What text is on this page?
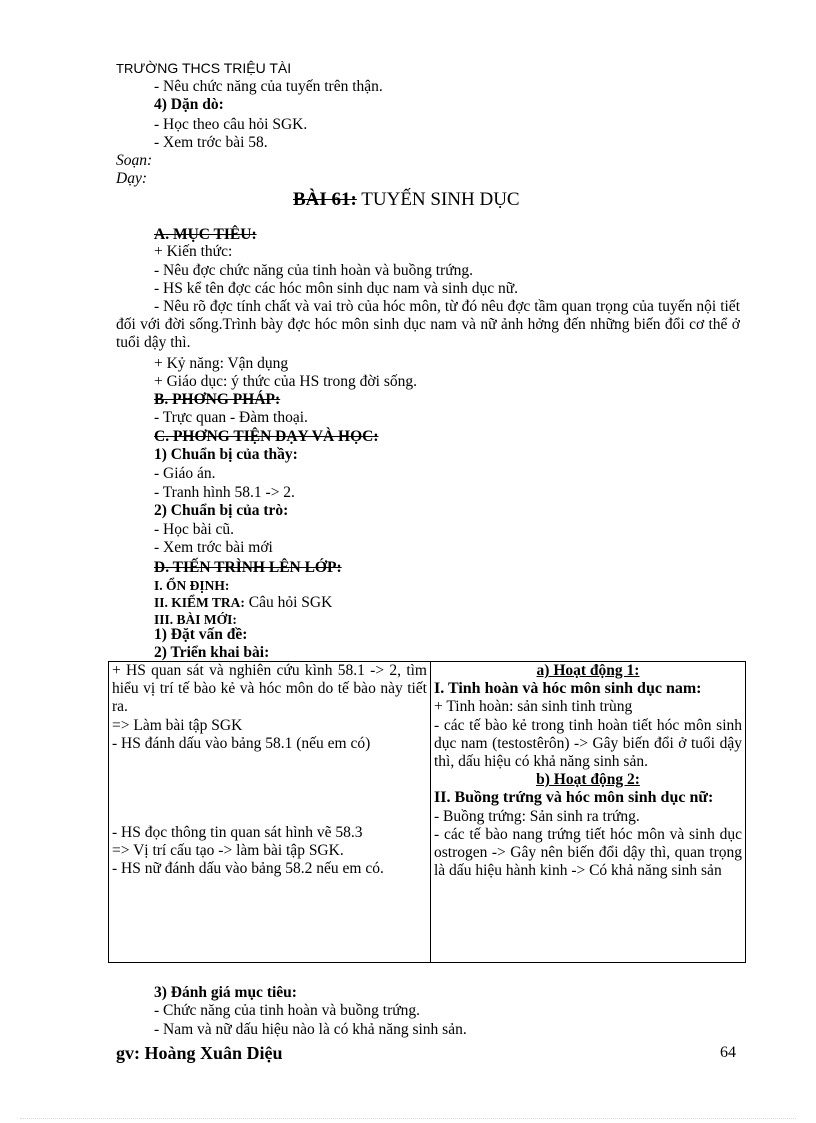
TRƯỜNG THCS TRIỆU TÀI
- Nêu chức năng của tuyến trên thận.
4) Dặn dò:
- Học theo câu hỏi SGK.
- Xem trớc bài 58.
Soạn:
Dạy:
BÀI 61: TUYẾN SINH DỤC
A. MỤC TIÊU:
+ Kiến thức:
- Nêu đợc chức năng của tinh hoàn và buồng trứng.
- HS kể tên đợc các hóc môn sinh dục nam và sinh dục nữ.
- Nêu rõ đợc tính chất và vai trò của hóc môn, từ đó nêu đợc tầm quan trọng của tuyến nội tiết đối với đời sống.Trình bày đợc hóc môn sinh dục nam và nữ ảnh hởng đến những biến đổi cơ thể ở tuổi dậy thì.
+ Kỷ năng: Vận dụng
+ Giáo dục: ý thức của HS trong đời sống.
B. PHƠNG PHÁP:
- Trực quan - Đàm thoại.
C. PHƠNG TIỆN DẠY VÀ HỌC:
1) Chuẩn bị của thầy:
- Giáo án.
- Tranh hình 58.1 -> 2.
2) Chuẩn bị của trò:
- Học bài cũ.
- Xem trớc bài mới
D. TIẾN TRÌNH LÊN LỚP:
I. ỔN ĐỊNH:
II. KIỂM TRA: Câu hỏi SGK
III. BÀI MỚI:
1) Đặt vấn đề:
2) Triển khai bài:
+ HS quan sát và nghiên cứu kình 58.1 -> 2, tìm hiểu vị trí tế bào kẻ và hóc môn do tế bào này tiết ra.
=> Làm bài tập SGK
- HS đánh dấu vào bảng 58.1 (nếu em có)
- HS đọc thông tin quan sát hình vẽ 58.3
=> Vị trí cấu tạo -> làm bài tập SGK.
- HS nữ đánh dấu vào bảng 58.2 nếu em có.

a) Hoạt động 1:
I. Tinh hoàn và hóc môn sinh dục nam:
+ Tinh hoàn: sản sinh tinh trùng
- các tế bào kẻ trong tinh hoàn tiết hóc môn sinh dục nam (testostêrôn) -> Gây biến đổi ở tuổi dậy thì, dấu hiệu có khả năng sinh sản.
b) Hoạt động 2:
II. Buồng trứng và hóc môn sinh dục nữ:
- Buồng trứng: Sản sinh ra trứng.
- các tế bào nang trứng tiết hóc môn và sinh dục ostrogen -> Gây nên biến đổi dậy thì, quan trọng là dấu hiệu hành kinh -> Có khả năng sinh sản
3) Đánh giá mục tiêu:
- Chức năng của tinh hoàn và buồng trứng.
- Nam và nữ dấu hiệu nào là có khả năng sinh sản.
gv: Hoàng Xuân Diệu	64
